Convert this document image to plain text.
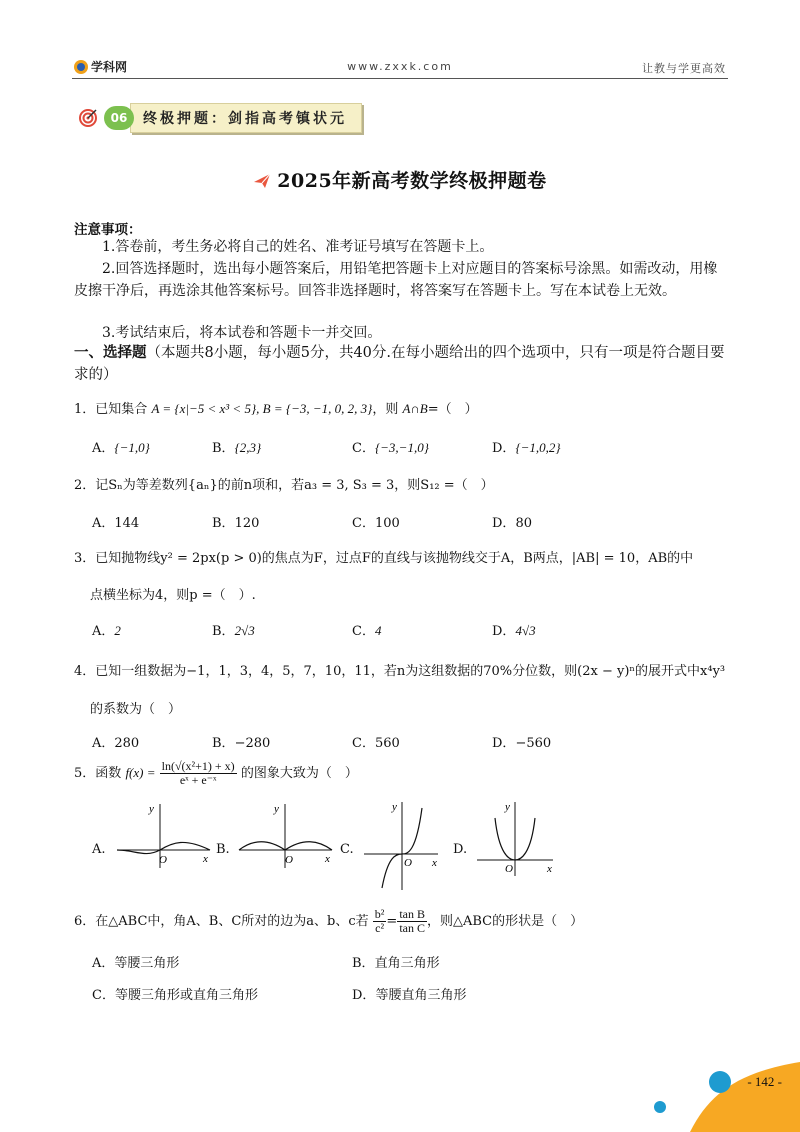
学科网	www.zxxk.com	让教与学更高效
06	终极押题：剑指高考镇状元
2025年新高考数学终极押题卷
注意事项：
1.答卷前，考生务必将自己的姓名、准考证号填写在答题卡上。
2.回答选择题时，选出每小题答案后，用铅笔把答题卡上对应题目的答案标号涂黑。如需改动，用橡皮擦干净后，再选涂其他答案标号。回答非选择题时，将答案写在答题卡上。写在本试卷上无效。
3.考试结束后，将本试卷和答题卡一并交回。
一、选择题（本题共8小题，每小题5分，共40分.在每小题给出的四个选项中，只有一项是符合题目要求的）
1．已知集合 A = {x|−5 < x³ < 5}, B = {−3, −1, 0, 2, 3}，则 A∩B=（　）
A．{−1,0}	B．{2,3}	C．{−3,−1,0}	D．{−1,0,2}
2．记Sₙ为等差数列{aₙ}的前n项和，若a₃ = 3, S₃ = 3，则S₁₂ =（　）
A．144	B．120	C．100	D．80
3．已知抛物线y² = 2px(p > 0)的焦点为F，过点F的直线与该抛物线交于A，B两点，|AB| = 10，AB的中
点横坐标为4，则p =（　）.
A．2	B．2√3	C．4	D．4√3
4．已知一组数据为−1，1，3，4，5，7，10，11，若n为这组数据的70%分位数，则(2x − y)ⁿ的展开式中x⁴y³
的系数为（　）
A．280	B．−280	C．560	D．−560
5．函数 $f(x) = \frac{\text{ln(√(x²+1) + x)}}{\text{eˣ + e⁻ˣ}}$ 的图象大致为（　）
A.
x
y
O
B.
x
y
O
C.
x
y
O
D.
x
y
O
6．在△ABC中，角A、B、C所对的边为a、b、c若 $\frac{\text{b²}}{\text{c²}} = \frac{\text{tan B}}{\text{tan C}}$ ，则△ABC的形状是（　）
A．等腰三角形	B．直角三角形
C．等腰三角形或直角三角形	D．等腰直角三角形
- 142 -
